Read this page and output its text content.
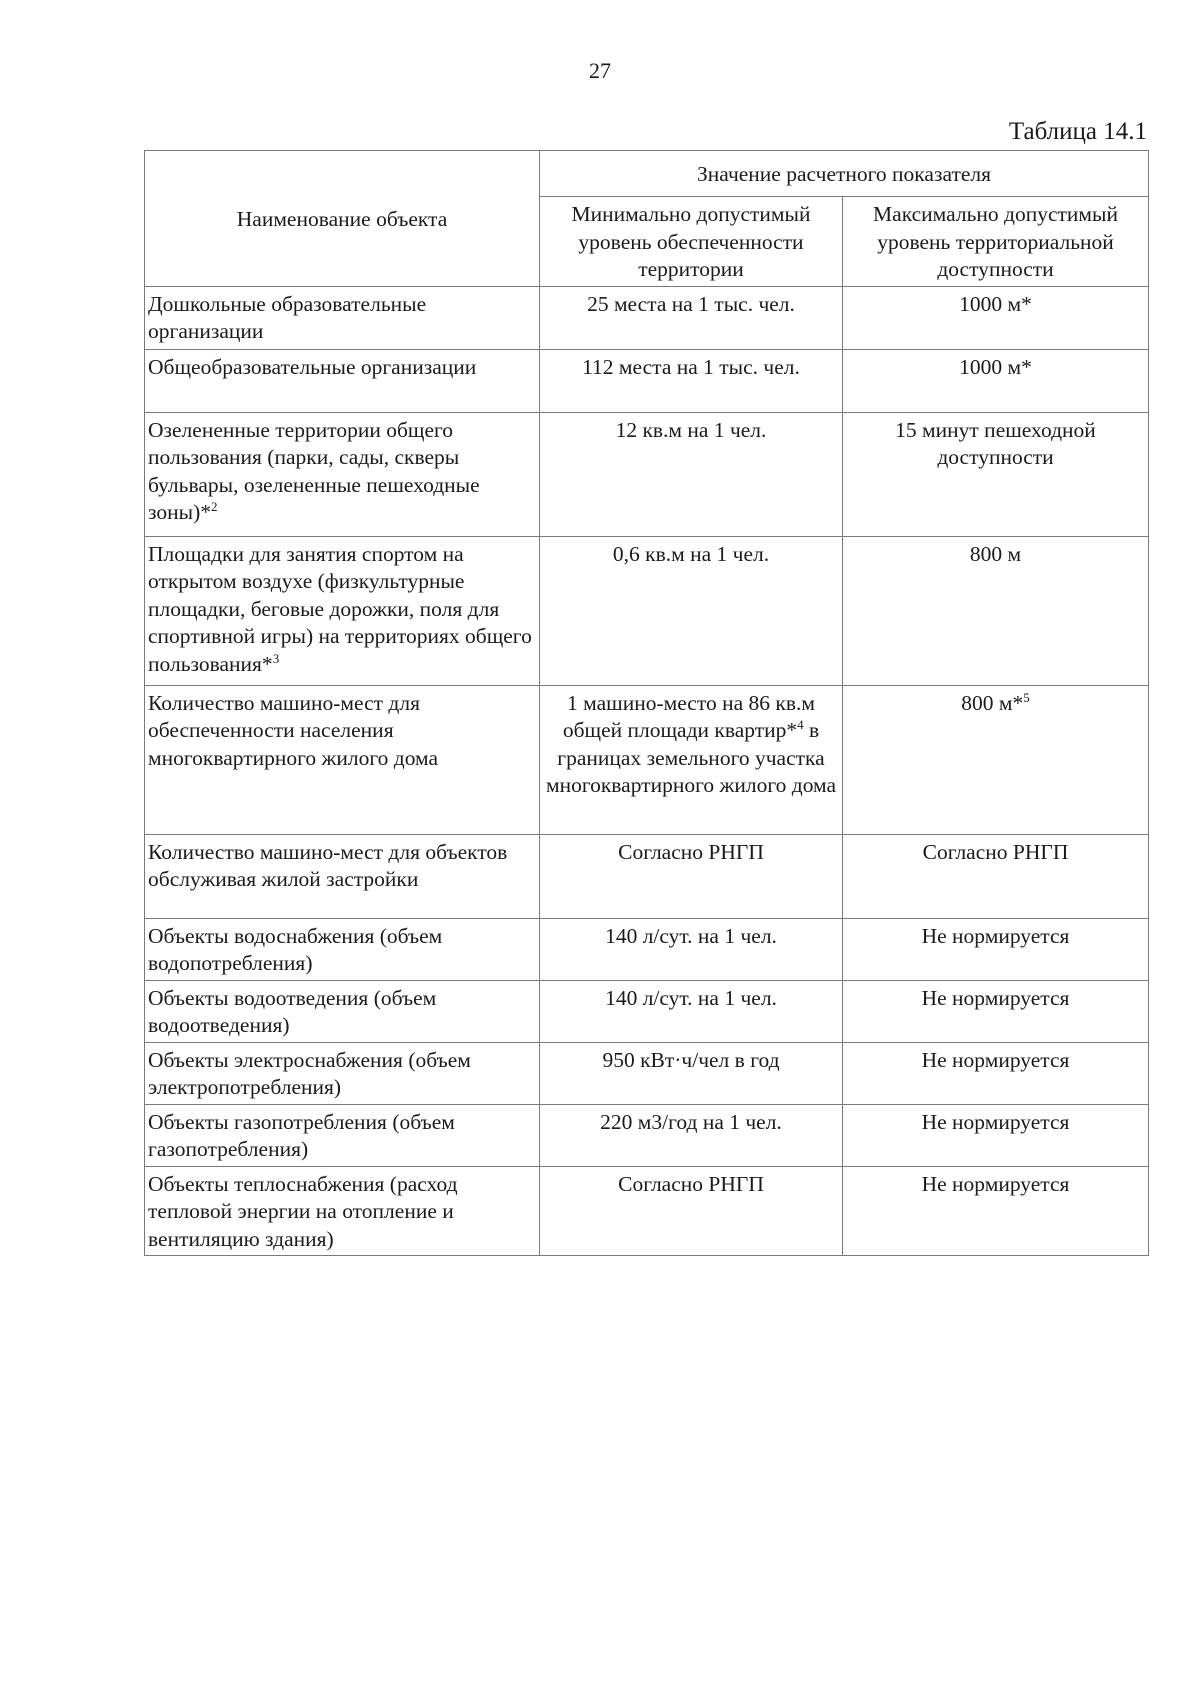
27
Таблица 14.1
Наименование объекта	Значение расчетного показателя	
	Минимально допустимый уровень обеспеченности территории	Максимально допустимый уровень территориальной доступности
Дошкольные образовательные организации	25 места на 1 тыс. чел.	1000 м*
Общеобразовательные организации	112 места на 1 тыс. чел.	1000 м*
Озелененные территории общего пользования (парки, сады, скверы бульвары, озелененные пешеходные зоны)*$^2$	12 кв.м на 1 чел.	15 минут пешеходной доступности
Площадки для занятия спортом на открытом воздухе (физкультурные площадки, беговые дорожки, поля для спортивной игры) на территориях общего пользования*$^3$	0,6 кв.м на 1 чел.	800 м
Количество машино-мест для обеспеченности населения многоквартирного жилого дома	1 машино-место на 86 кв.м общей площади квартир*$^4$ в границах земельного участка многоквартирного жилого дома	800 м*$^5$
Количество машино-мест для объектов обслуживая жилой застройки	Согласно РНГП	Согласно РНГП
Объекты водоснабжения (объем водопотребления)	140 л/сут. на 1 чел.	Не нормируется
Объекты водоотведения (объем водоотведения)	140 л/сут. на 1 чел.	Не нормируется
Объекты электроснабжения (объем электропотребления)	950 кВт·ч/чел в год	Не нормируется
Объекты газопотребления (объем газопотребления)	220 м3/год на 1 чел.	Не нормируется
Объекты теплоснабжения (расход тепловой энергии на отопление и вентиляцию здания)	Согласно РНГП	Не нормируется
